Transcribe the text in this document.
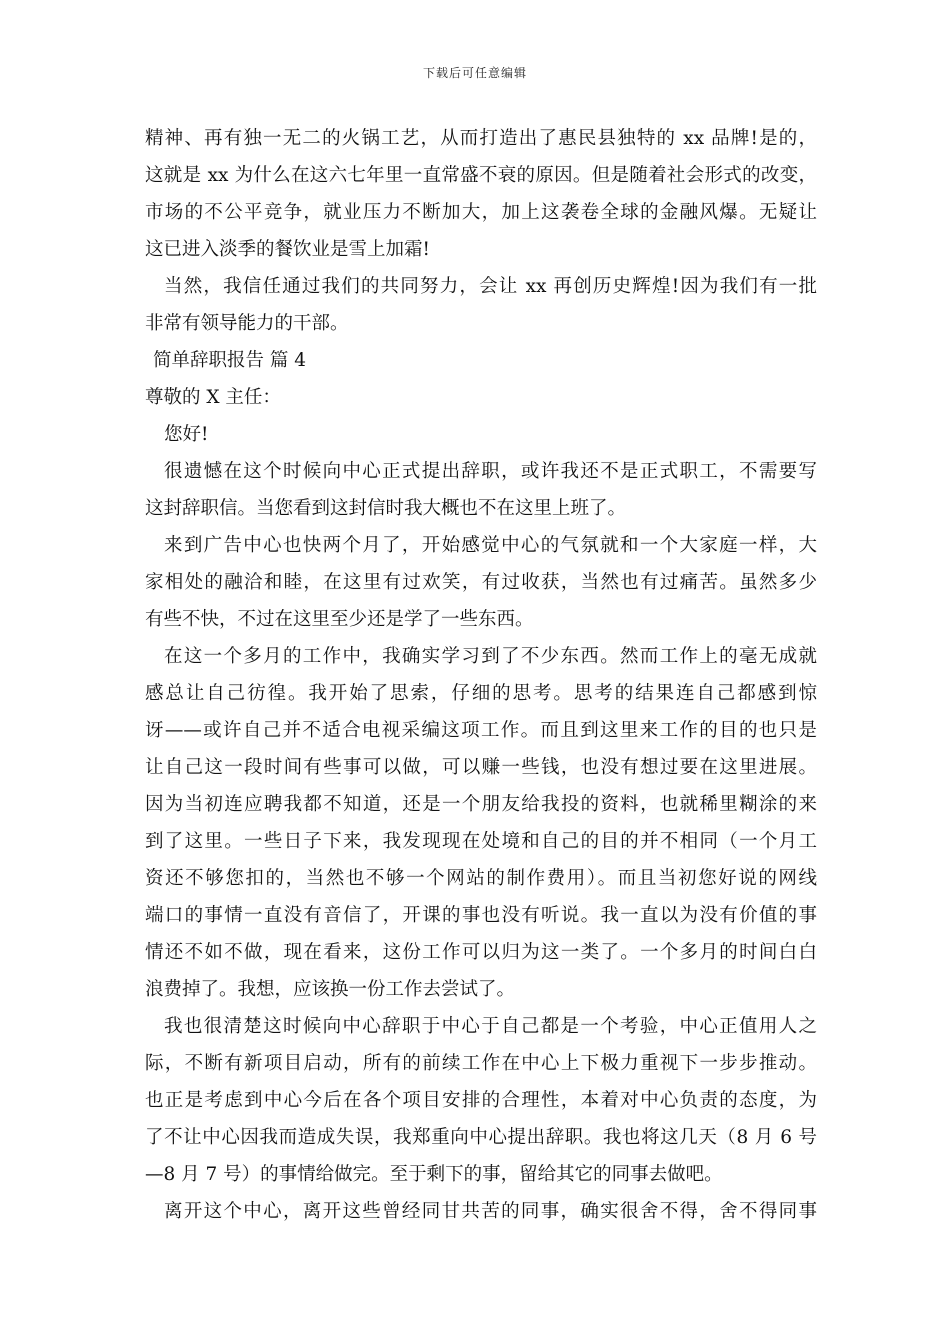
下载后可任意编辑
精神、再有独一无二的火锅工艺，从而打造出了惠民县独特的 xx 品牌!是的，
这就是 xx 为什么在这六七年里一直常盛不衰的原因。但是随着社会形式的改变，
市场的不公平竞争，就业压力不断加大，加上这袭卷全球的金融风爆。无疑让
这已进入淡季的餐饮业是雪上加霜!
当然，我信任通过我们的共同努力，会让 xx 再创历史辉煌!因为我们有一批
非常有领导能力的干部。
简单辞职报告 篇 4
尊敬的 X 主任：
您好!
很遗憾在这个时候向中心正式提出辞职，或许我还不是正式职工，不需要写
这封辞职信。当您看到这封信时我大概也不在这里上班了。
来到广告中心也快两个月了，开始感觉中心的气氛就和一个大家庭一样，大
家相处的融洽和睦，在这里有过欢笑，有过收获，当然也有过痛苦。虽然多少
有些不快，不过在这里至少还是学了一些东西。
在这一个多月的工作中，我确实学习到了不少东西。然而工作上的毫无成就
感总让自己彷徨。我开始了思索，仔细的思考。思考的结果连自己都感到惊
讶——或许自己并不适合电视采编这项工作。而且到这里来工作的目的也只是
让自己这一段时间有些事可以做，可以赚一些钱，也没有想过要在这里进展。
因为当初连应聘我都不知道，还是一个朋友给我投的资料，也就稀里糊涂的来
到了这里。一些日子下来，我发现现在处境和自己的目的并不相同（一个月工
资还不够您扣的，当然也不够一个网站的制作费用）。而且当初您好说的网线
端口的事情一直没有音信了，开课的事也没有听说。我一直以为没有价值的事
情还不如不做，现在看来，这份工作可以归为这一类了。一个多月的时间白白
浪费掉了。我想，应该换一份工作去尝试了。
我也很清楚这时候向中心辞职于中心于自己都是一个考验，中心正值用人之
际，不断有新项目启动，所有的前续工作在中心上下极力重视下一步步推动。
也正是考虑到中心今后在各个项目安排的合理性，本着对中心负责的态度，为
了不让中心因我而造成失误，我郑重向中心提出辞职。我也将这几天（8 月 6 号
—8 月 7 号）的事情给做完。至于剩下的事，留给其它的同事去做吧。
离开这个中心，离开这些曾经同甘共苦的同事，确实很舍不得，舍不得同事
